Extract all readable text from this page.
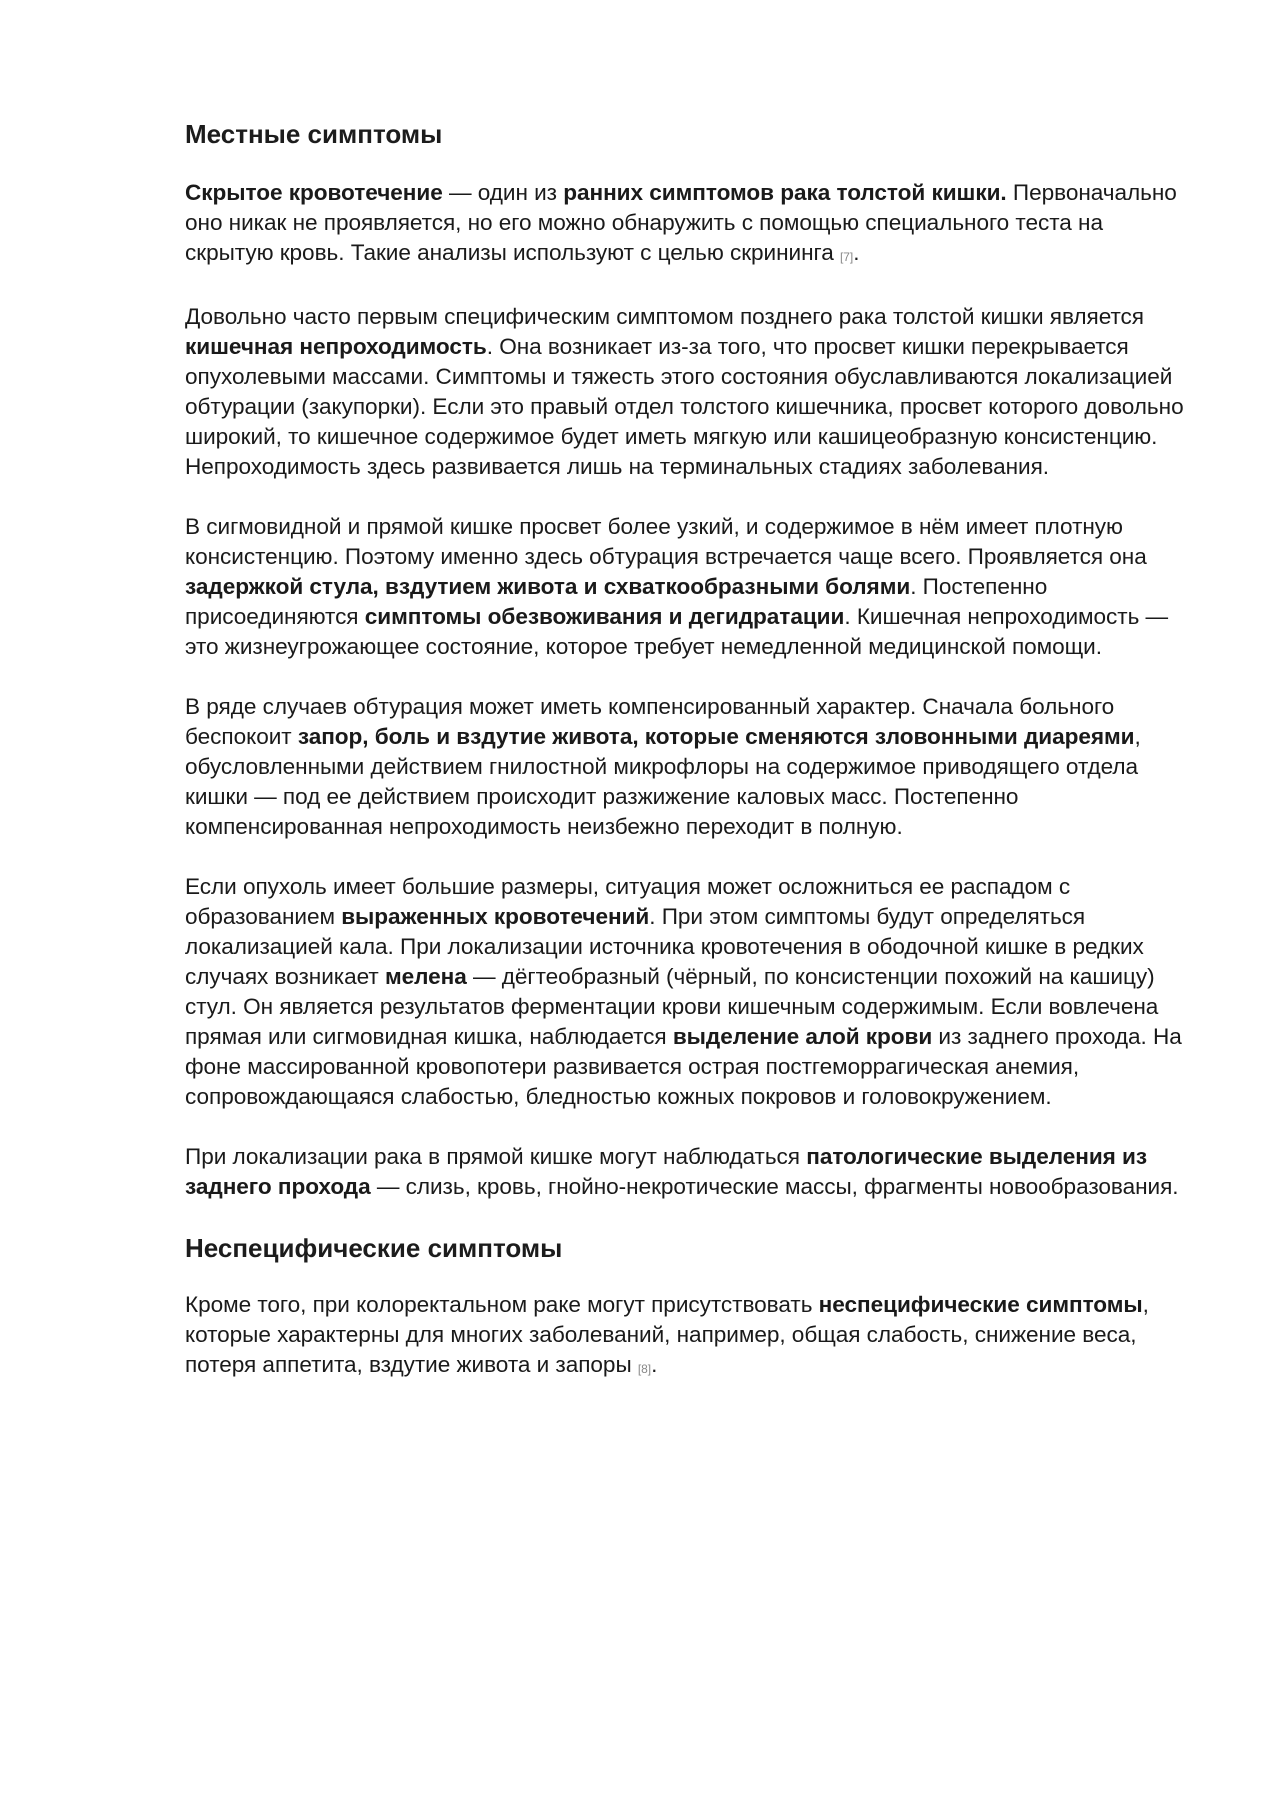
Местные симптомы

Скрытое кровотечение — один из ранних симптомов рака толстой кишки. Первоначально оно никак не проявляется, но его можно обнаружить с помощью специального теста на скрытую кровь. Такие анализы используют с целью скрининга [7].

Довольно часто первым специфическим симптомом позднего рака толстой кишки является кишечная непроходимость. Она возникает из-за того, что просвет кишки перекрывается опухолевыми массами. Симптомы и тяжесть этого состояния обуславливаются локализацией обтурации (закупорки). Если это правый отдел толстого кишечника, просвет которого довольно широкий, то кишечное содержимое будет иметь мягкую или кашицеобразную консистенцию. Непроходимость здесь развивается лишь на терминальных стадиях заболевания.

В сигмовидной и прямой кишке просвет более узкий, и содержимое в нём имеет плотную консистенцию. Поэтому именно здесь обтурация встречается чаще всего. Проявляется она задержкой стула, вздутием живота и схваткообразными болями. Постепенно присоединяются симптомы обезвоживания и дегидратации. Кишечная непроходимость — это жизнеугрожающее состояние, которое требует немедленной медицинской помощи.

В ряде случаев обтурация может иметь компенсированный характер. Сначала больного беспокоит запор, боль и вздутие живота, которые сменяются зловонными диареями, обусловленными действием гнилостной микрофлоры на содержимое приводящего отдела кишки — под ее действием происходит разжижение каловых масс. Постепенно компенсированная непроходимость неизбежно переходит в полную.

Если опухоль имеет большие размеры, ситуация может осложниться ее распадом с образованием выраженных кровотечений. При этом симптомы будут определяться локализацией кала. При локализации источника кровотечения в ободочной кишке в редких случаях возникает мелена — дёгтеобразный (чёрный, по консистенции похожий на кашицу) стул. Он является результатов ферментации крови кишечным содержимым. Если вовлечена прямая или сигмовидная кишка, наблюдается выделение алой крови из заднего прохода. На фоне массированной кровопотери развивается острая постгеморрагическая анемия, сопровождающаяся слабостью, бледностью кожных покровов и головокружением.

При локализации рака в прямой кишке могут наблюдаться патологические выделения из заднего прохода — слизь, кровь, гнойно-некротические массы, фрагменты новообразования.

Неспецифические симптомы

Кроме того, при колоректальном раке могут присутствовать неспецифические симптомы, которые характерны для многих заболеваний, например, общая слабость, снижение веса, потеря аппетита, вздутие живота и запоры [8].
